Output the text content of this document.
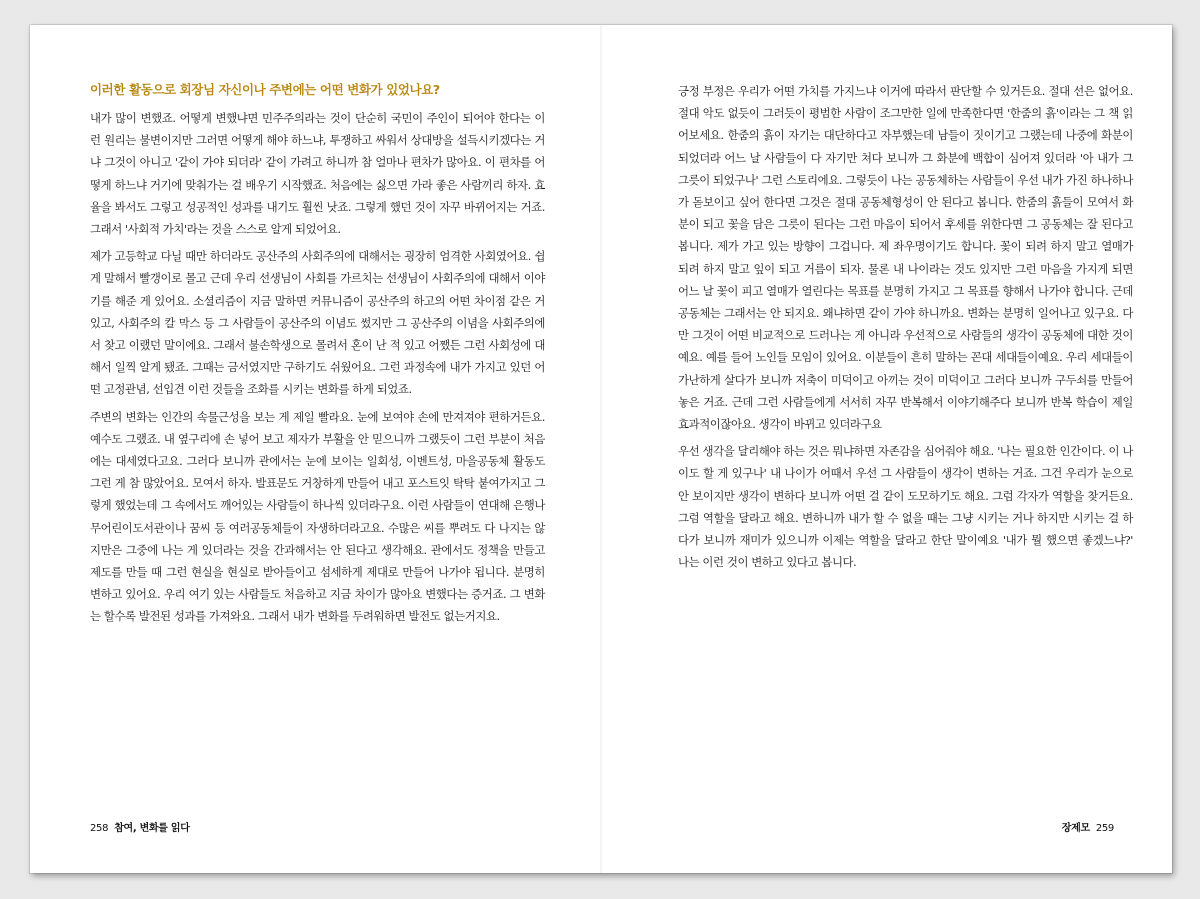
이러한 활동으로 회장님 자신이나 주변에는 어떤 변화가 있었나요?

내가 많이 변했죠. 어떻게 변했냐면 민주주의라는 것이 단순히 국민이 주인이 되어야 한다는 이런 원리는 불변이지만 그러면 어떻게 해야 하느냐, 투쟁하고 싸워서 상대방을 설득시키겠다는 거냐 그것이 아니고 '같이 가야 되더라' 같이 가려고 하니까 참 얼마나 편차가 많아요. 이 편차를 어떻게 하느냐 거기에 맞춰가는 걸 배우기 시작했죠. 처음에는 싫으면 가라 좋은 사람끼리 하자. 효율을 봐서도 그렇고 성공적인 성과를 내기도 훨씬 낫죠. 그렇게 했던 것이 자꾸 바뀌어지는 거죠. 그래서 '사회적 가치'라는 것을 스스로 알게 되었어요.

제가 고등학교 다닐 때만 하더라도 공산주의 사회주의에 대해서는 굉장히 엄격한 사회였어요. 쉽게 말해서 빨갱이로 몰고 근데 우리 선생님이 사회를 가르치는 선생님이 사회주의에 대해서 이야기를 해준 게 있어요. 소셜리즘이 지금 말하면 커뮤니즘이 공산주의 하고의 어떤 차이점 같은 거 있고, 사회주의 칼 막스 등 그 사람들이 공산주의 이념도 썼지만 그 공산주의 이념을 사회주의에서 찾고 이랬던 말이에요. 그래서 불손학생으로 몰려서 혼이 난 적 있고 어쨌든 그런 사회성에 대해서 일찍 알게 됐죠. 그때는 금서였지만 구하기도 쉬웠어요. 그런 과정속에 내가 가지고 있던 어떤 고정관념, 선입견 이런 것들을 조화를 시키는 변화를 하게 되었죠.

주변의 변화는 인간의 속물근성을 보는 게 제일 빨라요. 눈에 보여야 손에 만져져야 편하거든요. 예수도 그랬죠. 내 옆구리에 손 넣어 보고 제자가 부활을 안 믿으니까 그랬듯이 그런 부분이 처음에는 대세였다고요. 그러다 보니까 관에서는 눈에 보이는 일회성, 이벤트성, 마을공동체 활동도 그런 게 참 많았어요. 모여서 하자. 발표문도 거창하게 만들어 내고 포스트잇 탁탁 붙여가지고 그렇게 했었는데 그 속에서도 깨어있는 사람들이 하나씩 있더라구요. 이런 사람들이 연대해 은행나무어린이도서관이나 꿈씨 등 여러공동체들이 자생하더라고요. 수많은 씨를 뿌려도 다 나지는 않지만은 그중에 나는 게 있더라는 것을 간과해서는 안 된다고 생각해요. 관에서도 정책을 만들고 제도를 만들 때 그런 현실을 현실로 받아들이고 섬세하게 제대로 만들어 나가야 됩니다. 분명히 변하고 있어요. 우리 여기 있는 사람들도 처음하고 지금 차이가 많아요 변했다는 증거죠. 그 변화는 할수록 발전된 성과를 가져와요. 그래서 내가 변화를 두려워하면 발전도 없는거지요.

긍정 부정은 우리가 어떤 가치를 가지느냐 이거에 따라서 판단할 수 있거든요. 절대 선은 없어요. 절대 악도 없듯이 그러듯이 평범한 사람이 조그만한 일에 만족한다면 '한줌의 흙'이라는 그 책 읽어보세요. 한줌의 흙이 자기는 대단하다고 자부했는데 남들이 짓이기고 그랬는데 나중에 화분이 되었더라 어느 날 사람들이 다 자기만 쳐다 보니까 그 화분에 백합이 심어져 있더라 '아 내가 그 그릇이 되었구나' 그런 스토리에요. 그렇듯이 나는 공동체하는 사람들이 우선 내가 가진 하나하나가 돋보이고 싶어 한다면 그것은 절대 공동체형성이 안 된다고 봅니다. 한줌의 흙들이 모여서 화분이 되고 꽃을 담은 그릇이 된다는 그런 마음이 되어서 후세를 위한다면 그 공동체는 잘 된다고 봅니다. 제가 가고 있는 방향이 그겁니다. 제 좌우명이기도 합니다. 꽃이 되려 하지 말고 열매가 되려 하지 말고 잎이 되고 거름이 되자. 물론 내 나이라는 것도 있지만 그런 마음을 가지게 되면 어느 날 꽃이 피고 열매가 열린다는 목표를 분명히 가지고 그 목표를 향해서 나가야 합니다. 근데 공동체는 그래서는 안 되지요. 왜냐하면 같이 가야 하니까요. 변화는 분명히 일어나고 있구요. 다만 그것이 어떤 비교적으로 드러나는 게 아니라 우선적으로 사람들의 생각이 공동체에 대한 것이예요. 예를 들어 노인들 모임이 있어요. 이분들이 흔히 말하는 꼰대 세대들이예요. 우리 세대들이 가난하게 살다가 보니까 저축이 미덕이고 아끼는 것이 미덕이고 그러다 보니까 구두쇠를 만들어 놓은 거죠. 근데 그런 사람들에게 서서히 자꾸 반복해서 이야기해주다 보니까 반복 학습이 제일 효과적이잖아요. 생각이 바뀌고 있더라구요

우선 생각을 달리해야 하는 것은 뭐냐하면 자존감을 심어줘야 해요. '나는 필요한 인간이다. 이 나이도 할 게 있구나' 내 나이가 어때서 우선 그 사람들이 생각이 변하는 거죠. 그건 우리가 눈으로 안 보이지만 생각이 변하다 보니까 어떤 걸 같이 도모하기도 해요. 그럼 각자가 역할을 찾거든요. 그럼 역할을 달라고 해요. 변하니까 내가 할 수 없을 때는 그냥 시키는 거나 하지만 시키는 걸 하다가 보니까 재미가 있으니까 이제는 역할을 달라고 한단 말이예요 '내가 뭘 했으면 좋겠느냐?' 나는 이런 것이 변하고 있다고 봅니다.

258 참여, 변화를 읽다	장제모 259
